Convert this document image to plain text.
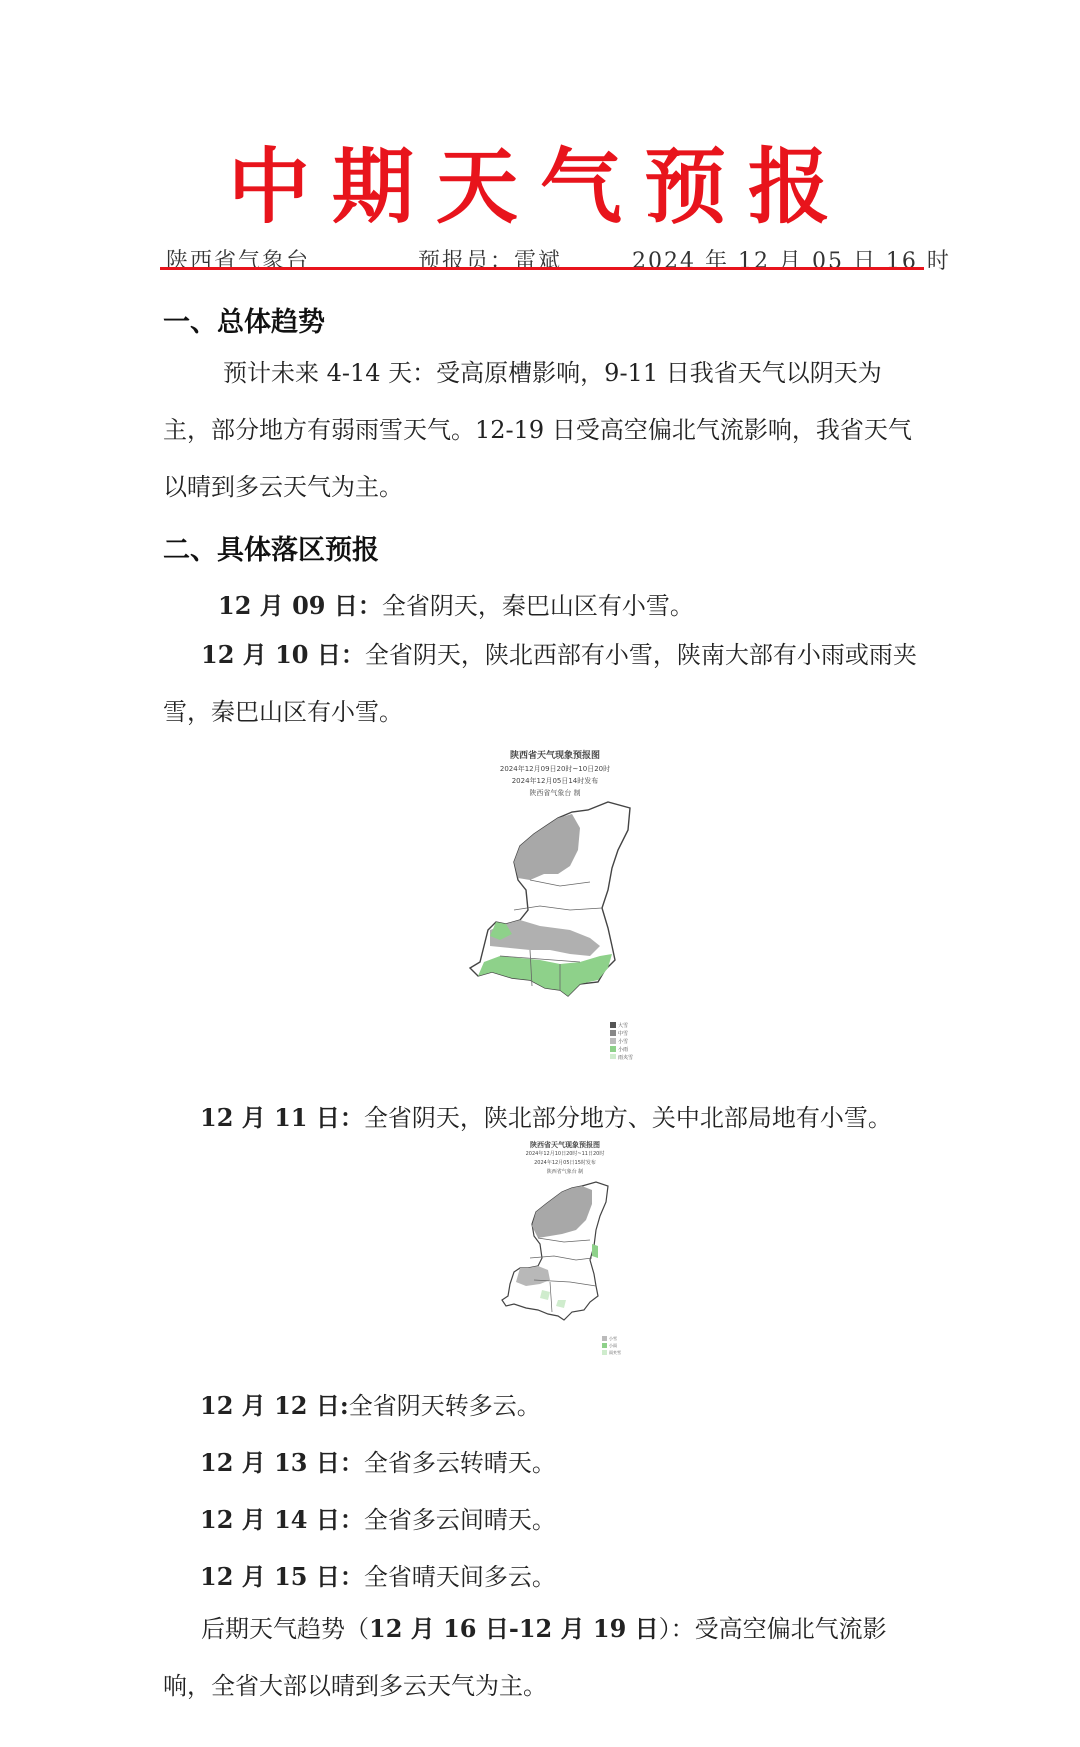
中期天气预报
陕西省气象台	预报员：雷斌	2024 年 12 月 05 日 16 时
一、总体趋势
预计未来 4-14 天：受高原槽影响，9-11 日我省天气以阴天为主，部分地方有弱雨雪天气。12-19 日受高空偏北气流影响，我省天气以晴到多云天气为主。
二、具体落区预报
12 月 09 日：全省阴天，秦巴山区有小雪。
12 月 10 日：全省阴天，陕北西部有小雪，陕南大部有小雨或雨夹雪，秦巴山区有小雪。
陕西省天气现象预报图
2024年12月09日20时~10日20时
2024年12月05日14时发布
陕西省气象台 制
大雪
中雪
小雪
小雨
雨夹雪
12 月 11 日：全省阴天，陕北部分地方、关中北部局地有小雪。
陕西省天气现象预报图
2024年12月10日20时~11日20时
2024年12月05日15时发布
陕西省气象台 制
小雪
小雨
雨夹雪
12 月 12 日:全省阴天转多云。
12 月 13 日：全省多云转晴天。
12 月 14 日：全省多云间晴天。
12 月 15 日：全省晴天间多云。
后期天气趋势（12 月 16 日-12 月 19 日）：受高空偏北气流影响，全省大部以晴到多云天气为主。
